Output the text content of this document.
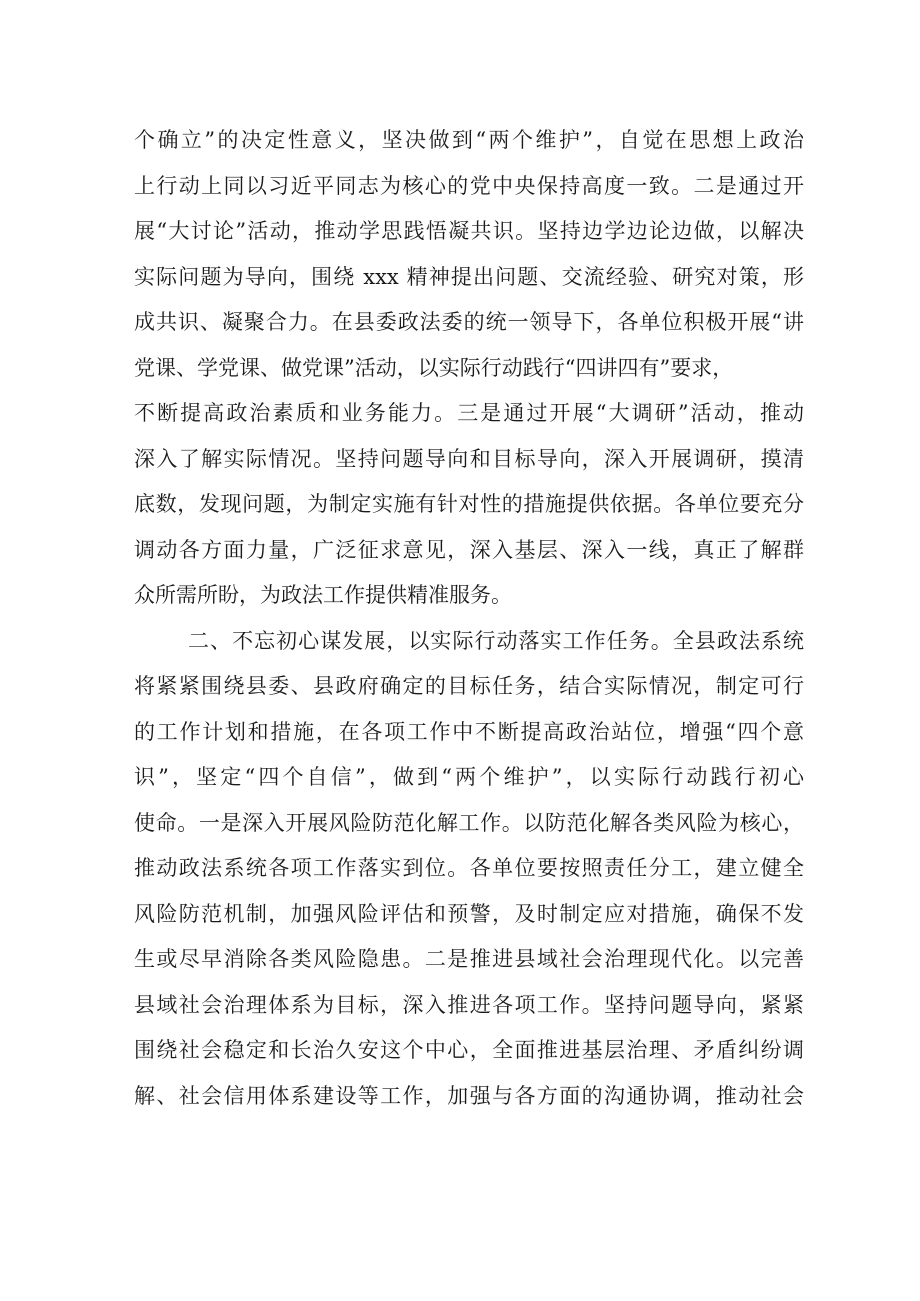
个确立”的决定性意义，坚决做到“两个维护”，自觉在思想上政治
上行动上同以习近平同志为核心的党中央保持高度一致。二是通过开
展“大讨论”活动，推动学思践悟凝共识。坚持边学边论边做，以解决
实际问题为导向，围绕 xxx 精神提出问题、交流经验、研究对策，形
成共识、凝聚合力。在县委政法委的统一领导下，各单位积极开展“讲
党课、学党课、做党课”活动，以实际行动践行“四讲四有”要求，
不断提高政治素质和业务能力。三是通过开展“大调研”活动，推动
深入了解实际情况。坚持问题导向和目标导向，深入开展调研，摸清
底数，发现问题，为制定实施有针对性的措施提供依据。各单位要充分
调动各方面力量，广泛征求意见，深入基层、深入一线，真正了解群
众所需所盼，为政法工作提供精准服务。
二、不忘初心谋发展，以实际行动落实工作任务。全县政法系统
将紧紧围绕县委、县政府确定的目标任务，结合实际情况，制定可行
的工作计划和措施，在各项工作中不断提高政治站位，增强“四个意
识”，坚定“四个自信”，做到“两个维护”，以实际行动践行初心
使命。一是深入开展风险防范化解工作。以防范化解各类风险为核心，
推动政法系统各项工作落实到位。各单位要按照责任分工，建立健全
风险防范机制，加强风险评估和预警，及时制定应对措施，确保不发
生或尽早消除各类风险隐患。二是推进县域社会治理现代化。以完善
县域社会治理体系为目标，深入推进各项工作。坚持问题导向，紧紧
围绕社会稳定和长治久安这个中心，全面推进基层治理、矛盾纠纷调
解、社会信用体系建设等工作，加强与各方面的沟通协调，推动社会
